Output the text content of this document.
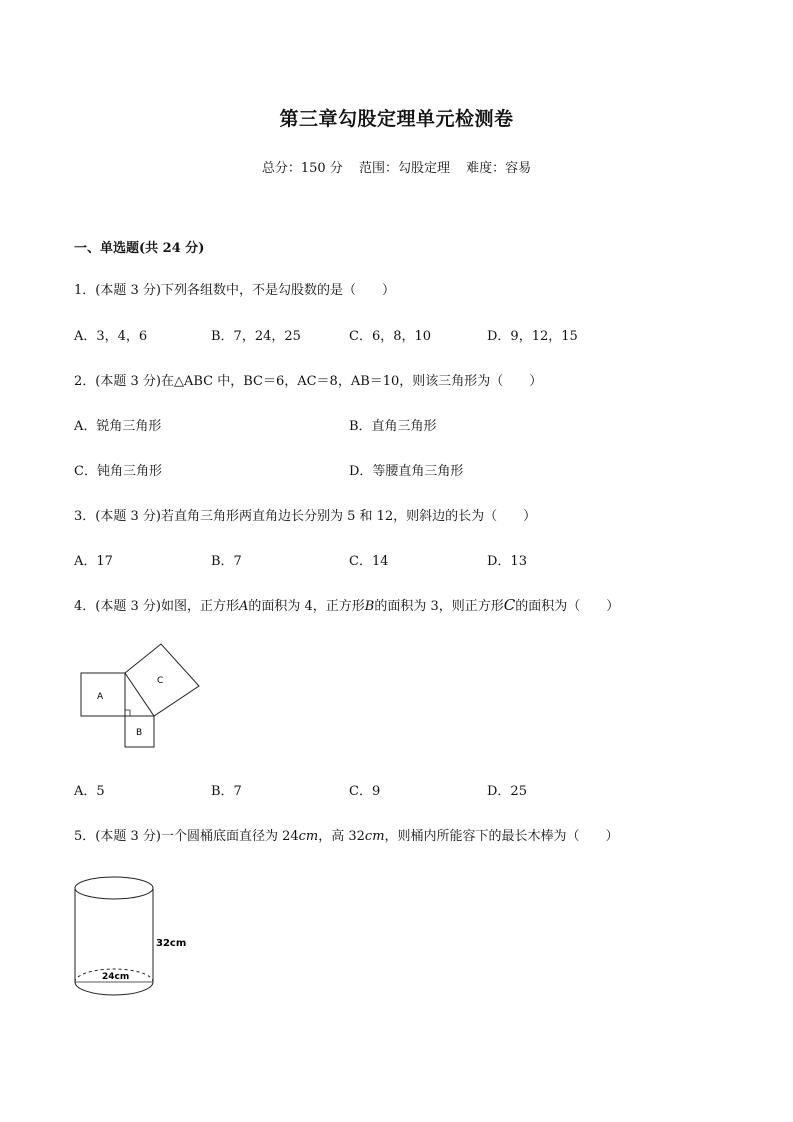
第三章勾股定理单元检测卷
总分：150 分 范围：勾股定理 难度：容易
一、单选题(共 24 分)
1．(本题 3 分)下列各组数中，不是勾股数的是（　　）
A．3，4，6	B．7，24，25	C．6，8，10	D．9，12，15
2．(本题 3 分)在△ABC 中，BC＝6，AC＝8，AB＝10，则该三角形为（　　）
A．锐角三角形	B．直角三角形
C．钝角三角形	D．等腰直角三角形
3．(本题 3 分)若直角三角形两直角边长分别为 5 和 12，则斜边的长为（　　）
A．17	B．7	C．14	D．13
4．(本题 3 分)如图，正方形A的面积为 4，正方形B的面积为 3，则正方形C的面积为（　　）
A
B
C
A．5	B．7	C．9	D．25
5．(本题 3 分)一个圆桶底面直径为 24cm，高 32cm，则桶内所能容下的最长木棒为（　　）
32cm
24cm
